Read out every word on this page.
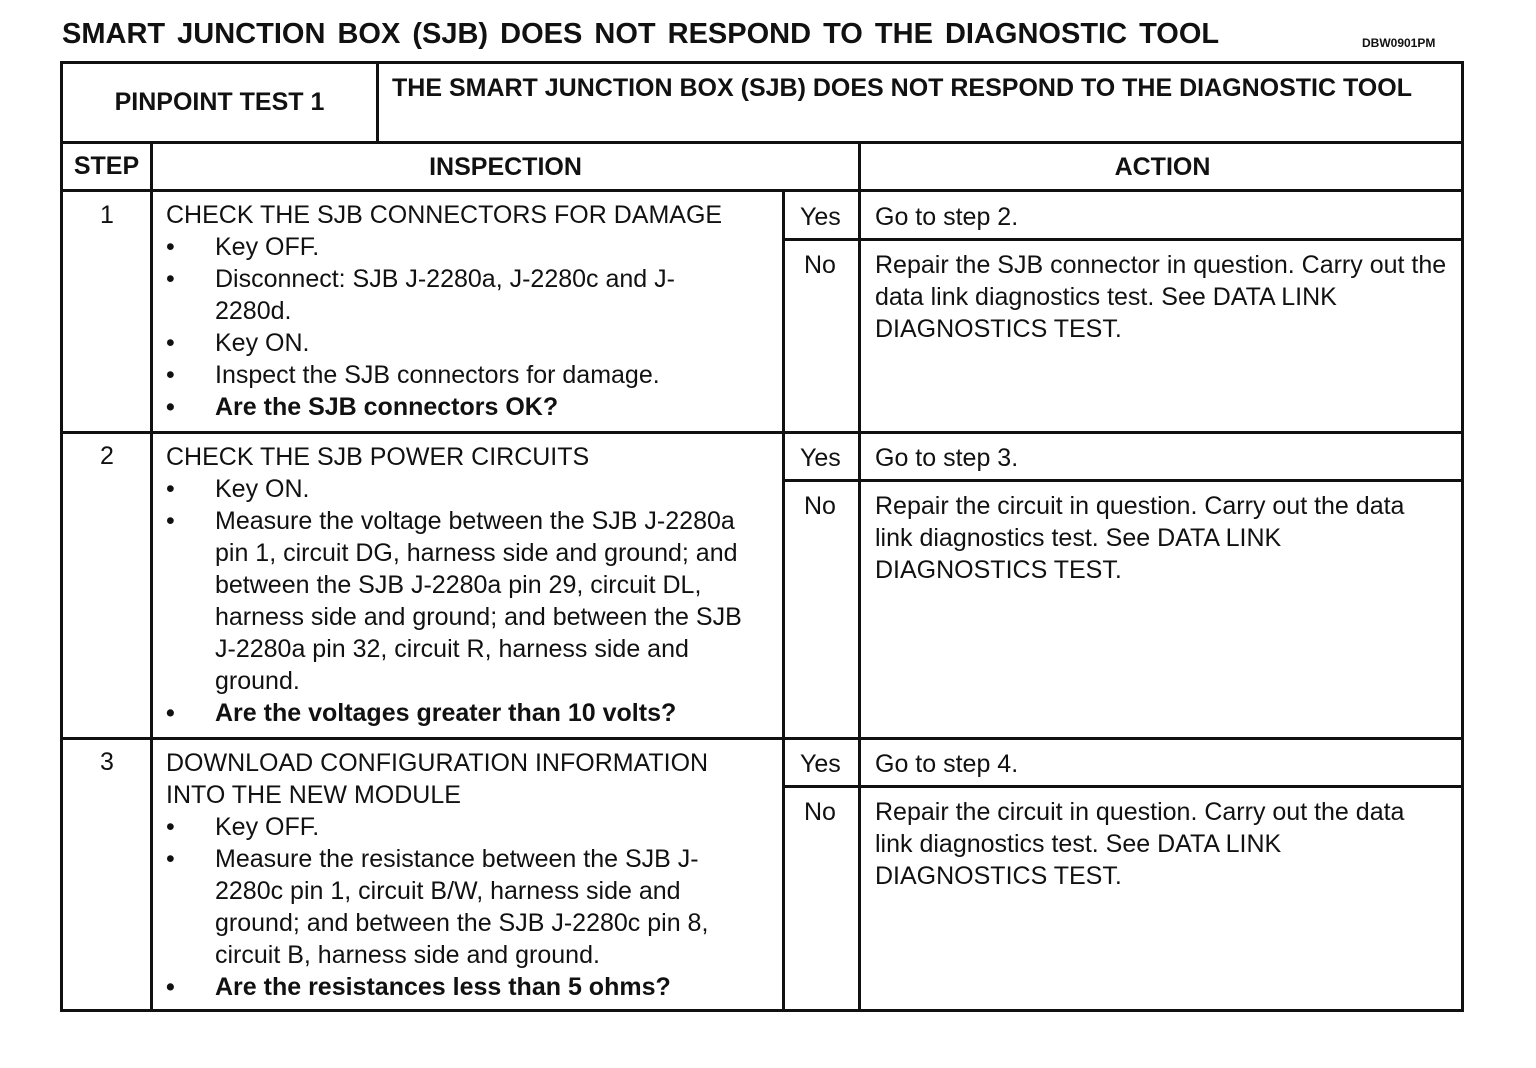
SMART JUNCTION BOX (SJB) DOES NOT RESPOND TO THE DIAGNOSTIC TOOL	DBW0901PM
PINPOINT TEST 1	THE SMART JUNCTION BOX (SJB) DOES NOT RESPOND TO THE DIAGNOSTIC TOOL
STEP	INSPECTION	ACTION
1 CHECK THE SJB CONNECTORS FOR DAMAGE
• Key OFF.
• Disconnect: SJB J-2280a, J-2280c and J-2280d.
• Key ON.
• Inspect the SJB connectors for damage.
• Are the SJB connectors OK?
Yes Go to step 2.
No Repair the SJB connector in question. Carry out the data link diagnostics test. See DATA LINK DIAGNOSTICS TEST.
2 CHECK THE SJB POWER CIRCUITS
• Key ON.
• Measure the voltage between the SJB J-2280a pin 1, circuit DG, harness side and ground; and between the SJB J-2280a pin 29, circuit DL, harness side and ground; and between the SJB J-2280a pin 32, circuit R, harness side and ground.
• Are the voltages greater than 10 volts?
Yes Go to step 3.
No Repair the circuit in question. Carry out the data link diagnostics test. See DATA LINK DIAGNOSTICS TEST.
3 DOWNLOAD CONFIGURATION INFORMATION INTO THE NEW MODULE
• Key OFF.
• Measure the resistance between the SJB J-2280c pin 1, circuit B/W, harness side and ground; and between the SJB J-2280c pin 8, circuit B, harness side and ground.
• Are the resistances less than 5 ohms?
Yes Go to step 4.
No Repair the circuit in question. Carry out the data link diagnostics test. See DATA LINK DIAGNOSTICS TEST.
